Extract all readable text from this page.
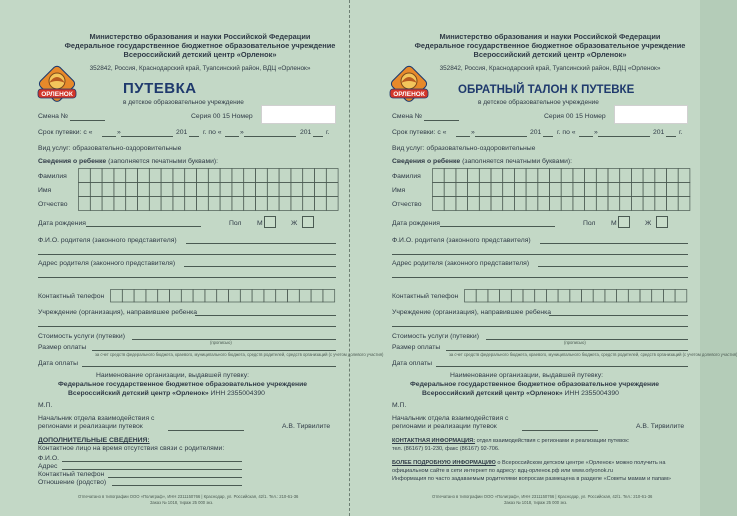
Министерство образования и науки Российской Федерации
Федеральное государственное бюджетное образовательное учреждение
Всероссийский детский центр «Орленок»
352842, Россия, Краснодарский край, Туапсинский район, ВДЦ «Орленок»
ОРЛЕНОК	ПУТЕВКА
в детское образовательное учреждение
Смена №	Серия 00 15 Номер
Срок путевки: с «	»	201 г. по «	»	201 г.
Вид услуг: образовательно-оздоровительные
Сведения о ребенке (заполняется печатными буквами):
Фамилия
Имя
Отчество
Дата рождения	Пол М	Ж
Ф.И.О. родителя (законного представителя)
Адрес родителя (законного представителя)
Контактный телефон
Учреждение (организация), направившее ребенка
Стоимость услуги (путевки)
(прописью)
Размер оплаты
за счет средств федерального бюджета, краевого, муниципального бюджета, средств родителей, средств организаций (с учетом долевого участия)
Дата оплаты
Наименование организации, выдавшей путевку:
Федеральное государственное бюджетное образовательное учреждение
Всероссийский детский центр «Орленок» ИНН 2355004390
М.П.
Начальник отдела взаимодействия с
регионами и реализации путевок	А.В. Тирвилите
ДОПОЛНИТЕЛЬНЫЕ СВЕДЕНИЯ:
Контактное лицо на время отсутствия связи с родителями:
Ф.И.О.
Адрес
Контактный телефон
Отношение (родство)
Отпечатано в типографии ООО «Полиграф», ИНН 2311150766 | Краснодар, ул. Российская, 42/1. Тел.: 210-61-36
Заказ № 1018, тираж 25 000 экз.
Министерство образования и науки Российской Федерации
Федеральное государственное бюджетное образовательное учреждение
Всероссийский детский центр «Орленок»
352842, Россия, Краснодарский край, Туапсинский район, ВДЦ «Орленок»
ОРЛЕНОК	ОБРАТНЫЙ ТАЛОН К ПУТЕВКЕ
в детское образовательное учреждение
Смена №	Серия 00 15 Номер
Срок путевки: с «	»	201 г. по «	»	201 г.
Вид услуг: образовательно-оздоровительные
Сведения о ребенке (заполняется печатными буквами):
Фамилия
Имя
Отчество
Дата рождения	Пол М	Ж
Ф.И.О. родителя (законного представителя)
Адрес родителя (законного представителя)
Контактный телефон
Учреждение (организация), направившее ребенка
Стоимость услуги (путевки)
(прописью)
Размер оплаты
за счет средств федерального бюджета, краевого, муниципального бюджета, средств родителей, средств организаций (с учетом долевого участия)
Дата оплаты
Наименование организации, выдавшей путевку:
Федеральное государственное бюджетное образовательное учреждение
Всероссийский детский центр «Орленок» ИНН 2355004390
М.П.
Начальник отдела взаимодействия с
регионами и реализации путевок	А.В. Тирвилите
КОНТАКТНАЯ ИНФОРМАЦИЯ: отдел взаимодействия с регионами и реализации путевок:
тел. (86167) 91-230, факс (86167) 92-706.
БОЛЕЕ ПОДРОБНУЮ ИНФОРМАЦИЮ о Всероссийском детском центре «Орленок» можно получить на
официальном сайте в сети интернет по адресу: вдц-орленок.рф или www.orlyonok.ru
Информация по часто задаваемым родителями вопросам размещена в разделе «Советы мамам и папам»
Отпечатано в типографии ООО «Полиграф», ИНН 2311150766 | Краснодар, ул. Российская, 42/1. Тел.: 210-61-36
Заказ № 1018, тираж 25 000 экз.
